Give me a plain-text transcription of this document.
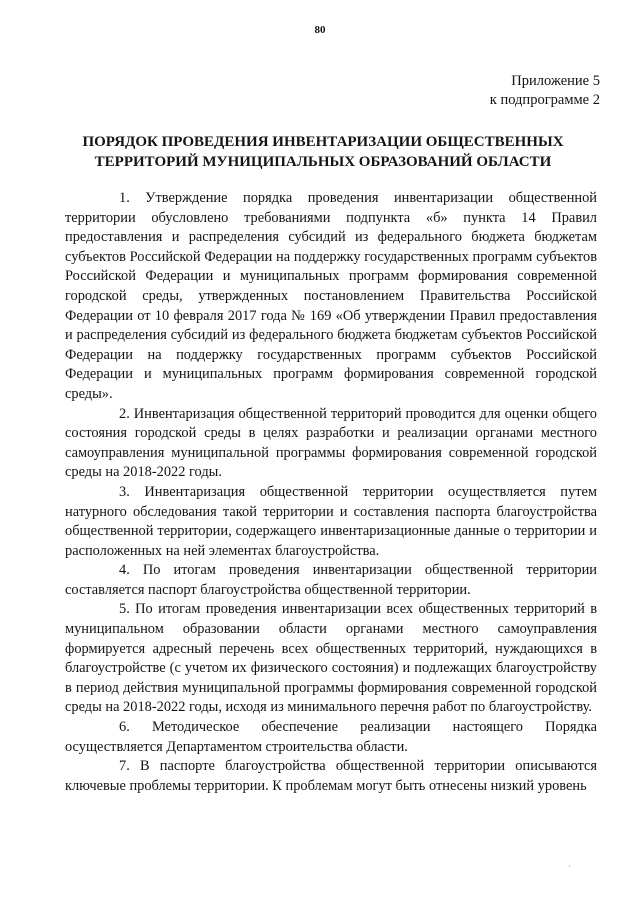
80
Приложение 5
к подпрограмме 2
ПОРЯДОК ПРОВЕДЕНИЯ ИНВЕНТАРИЗАЦИИ ОБЩЕСТВЕННЫХ
ТЕРРИТОРИЙ МУНИЦИПАЛЬНЫХ ОБРАЗОВАНИЙ ОБЛАСТИ

1. Утверждение порядка проведения инвентаризации общественной территории обусловлено требованиями подпункта «б» пункта 14 Правил предоставления и распределения субсидий из федерального бюджета бюджетам субъектов Российской Федерации на поддержку государственных программ субъектов Российской Федерации и муниципальных программ формирования современной городской среды, утвержденных постановлением Правительства Российской Федерации от 10 февраля 2017 года № 169 «Об утверждении Правил предоставления и распределения субсидий из федерального бюджета бюджетам субъектов Российской Федерации на поддержку государственных программ субъектов Российской Федерации и муниципальных программ формирования современной городской среды».

2. Инвентаризация общественной территорий проводится для оценки общего состояния городской среды в целях разработки и реализации органами местного самоуправления муниципальной программы формирования современной городской среды на 2018-2022 годы.

3. Инвентаризация общественной территории осуществляется путем натурного обследования такой территории и составления паспорта благоустройства общественной территории, содержащего инвентаризационные данные о территории и расположенных на ней элементах благоустройства.

4. По итогам проведения инвентаризации общественной территории составляется паспорт благоустройства общественной территории.

5. По итогам проведения инвентаризации всех общественных территорий в муниципальном образовании области органами местного самоуправления формируется адресный перечень всех общественных территорий, нуждающихся в благоустройстве (с учетом их физического состояния) и подлежащих благоустройству в период действия муниципальной программы формирования современной городской среды на 2018-2022 годы, исходя из минимального перечня работ по благоустройству.

6. Методическое обеспечение реализации настоящего Порядка осуществляется Департаментом строительства области.

7. В паспорте благоустройства общественной территории описываются ключевые проблемы территории. К проблемам могут быть отнесены низкий уровень

·
